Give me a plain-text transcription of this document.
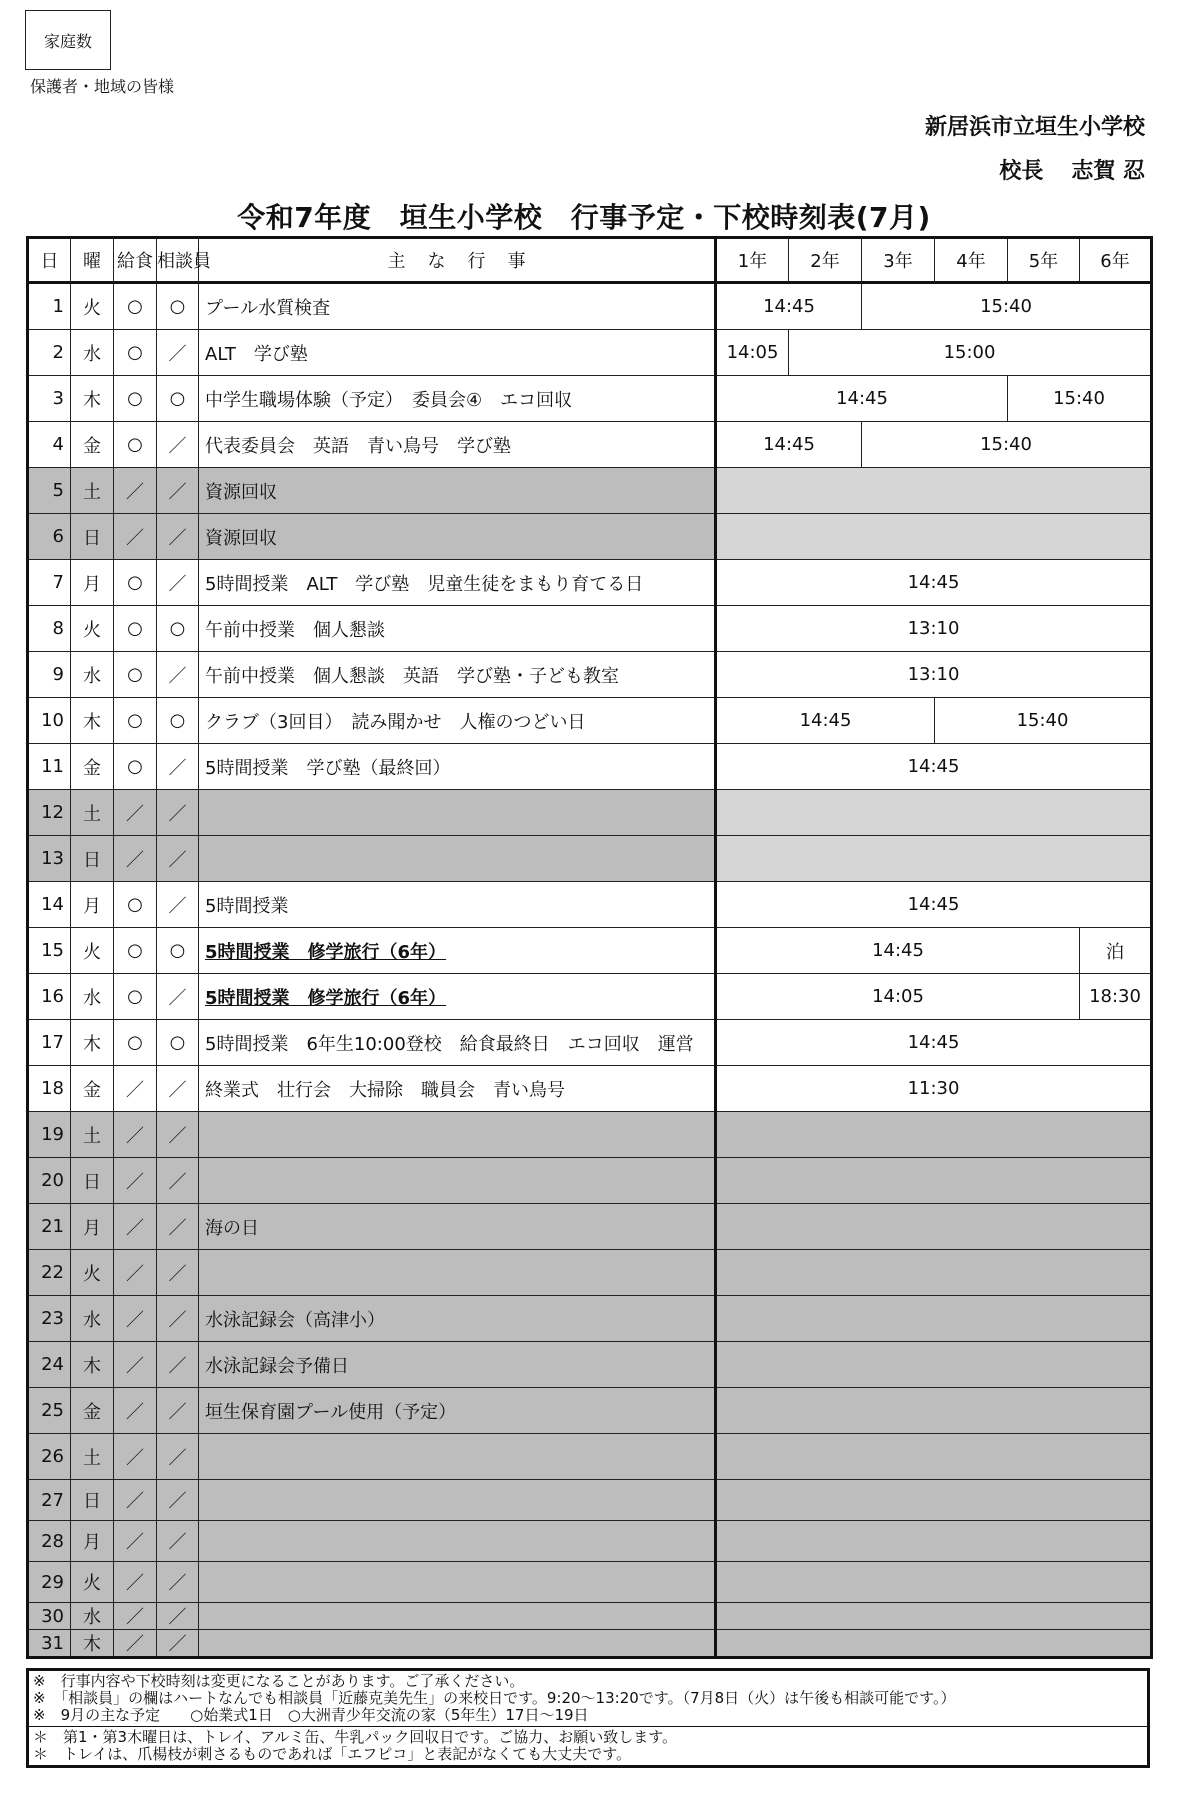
家庭数
保護者・地域の皆様
新居浜市立垣生小学校
校長 志賀 忍
令和7年度　垣生小学校　行事予定・下校時刻表(7月)
日	曜	給食	相談員	主な行事	1年	2年	3年	4年	5年	6年
1	火	○	○	プール水質検査	14:45		15:40			
2	水	○	／	ALT　学び塾	14:05	15:00				
3	木	○	○	中学生職場体験（予定）　委員会④　エコ回収	14:45				15:40	
4	金	○	／	代表委員会　英語　青い鳥号　学び塾	14:45		15:40			
5	土	／	／	資源回収						
6	日	／	／	資源回収						
7	月	○	／	5時間授業　ALT　学び塾　児童生徒をまもり育てる日	14:45					
8	火	○	○	午前中授業　個人懇談	13:10					
9	水	○	／	午前中授業　個人懇談　英語　学び塾・子ども教室	13:10					
10	木	○	○	クラブ（3回目）　読み聞かせ　人権のつどい日	14:45			15:40		
11	金	○	／	5時間授業　学び塾（最終回）	14:45					
12	土	／	／							
13	日	／	／							
14	月	○	／	5時間授業	14:45					
15	火	○	○	5時間授業　修学旅行（6年）	14:45					泊
16	水	○	／	5時間授業　修学旅行（6年）	14:05					18:30
17	木	○	○	5時間授業　6年生10:00登校　給食最終日　エコ回収　運営	14:45					
18	金	／	／	終業式　壮行会　大掃除　職員会　青い鳥号	11:30					
19	土	／	／							
20	日	／	／							
21	月	／	／	海の日						
22	火	／	／							
23	水	／	／	水泳記録会（高津小）						
24	木	／	／	水泳記録会予備日						
25	金	／	／	垣生保育園プール使用（予定）						
26	土	／	／							
27	日	／	／							
28	月	／	／							
29	火	／	／							
30	水	／	／							
31	木	／	／							
※　行事内容や下校時刻は変更になることがあります。ご了承ください。
※　「相談員」の欄はハートなんでも相談員「近藤克美先生」の来校日です。9:20～13:20です。（7月8日（火）は午後も相談可能です。）
※　9月の主な予定　　○始業式1日　○大洲青少年交流の家（5年生）17日～19日
＊　第1・第3木曜日は、トレイ、アルミ缶、牛乳パック回収日です。ご協力、お願い致します。
＊　トレイは、爪楊枝が刺さるものであれば「エフピコ」と表記がなくても大丈夫です。
